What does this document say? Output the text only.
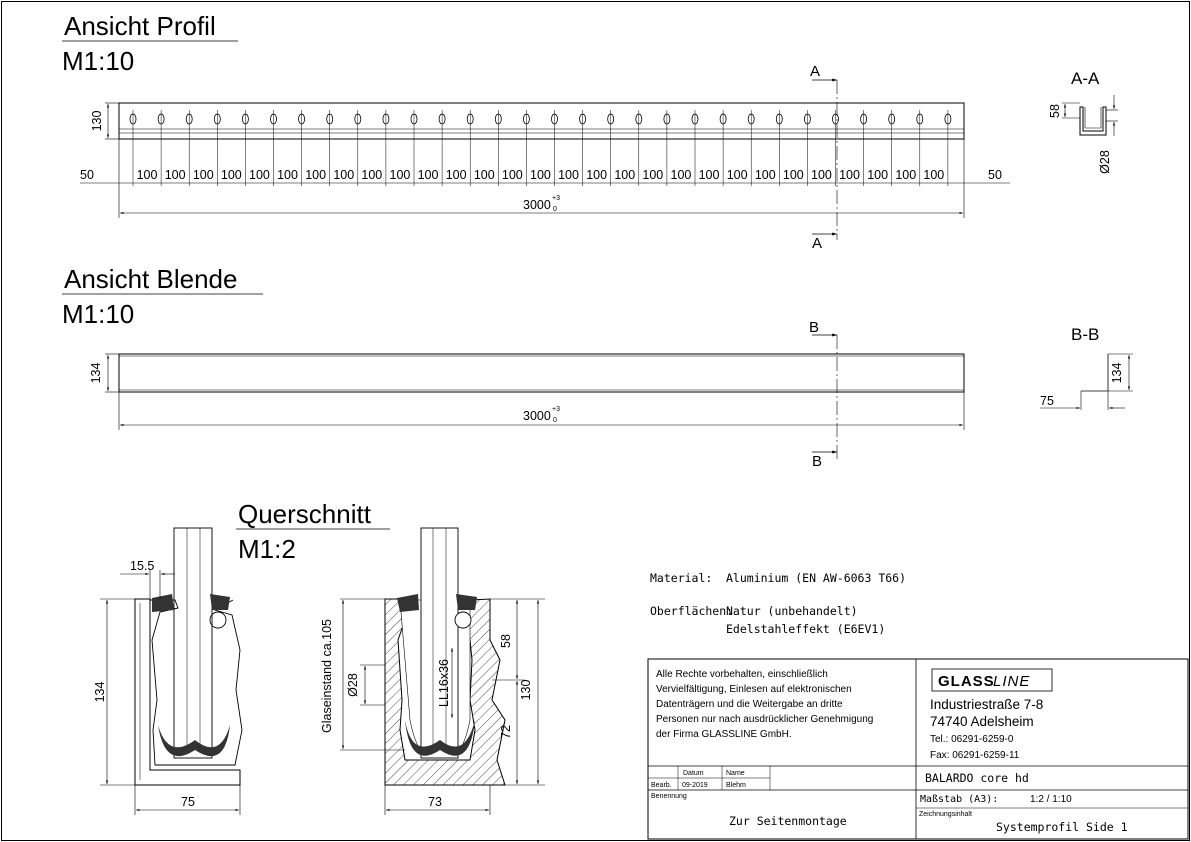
Ansicht Profil
M1:10
100 100 100 100 100 100 100 100 100 100 100 100 100 100 100 100 100 100 100 100 100 100 100 100 100 100 100 100 100
130
50	50
3000 +3
0
A
A
A-A
58
Ø28
Ansicht Blende
M1:10
134
3000 +3
0
B
B
B-B
134
75
Querschnitt
M1:2
15.5
134
75
Glaseinstand ca.105 Ø28	LL16x36
58
130
72
73
Material: Aluminium (EN AW-6063 T66)
Oberflächen:
Natur (unbehandelt)
Edelstahleffekt (E6EV1)
Alle Rechte vorbehalten, einschließlich
Vervielfältigung, Einlesen auf elektronischen
Datenträgern und die Weitergabe an dritte
Personen nur nach ausdrücklicher Genehmigung
der Firma GLASSLINE GmbH.
GLASS
LINE
Industriestraße 7-8
74740 Adelsheim
Tel.: 06291-6259-0
Fax: 06291-6259-11
Datum	Name
Bearb. 09-2019	Blehm
BALARDO core hd
Benennung
Zur Seitenmontage
Maßstab (A3):	1:2 / 1:10
Zeichnungsinhalt
Systemprofil Side 1
